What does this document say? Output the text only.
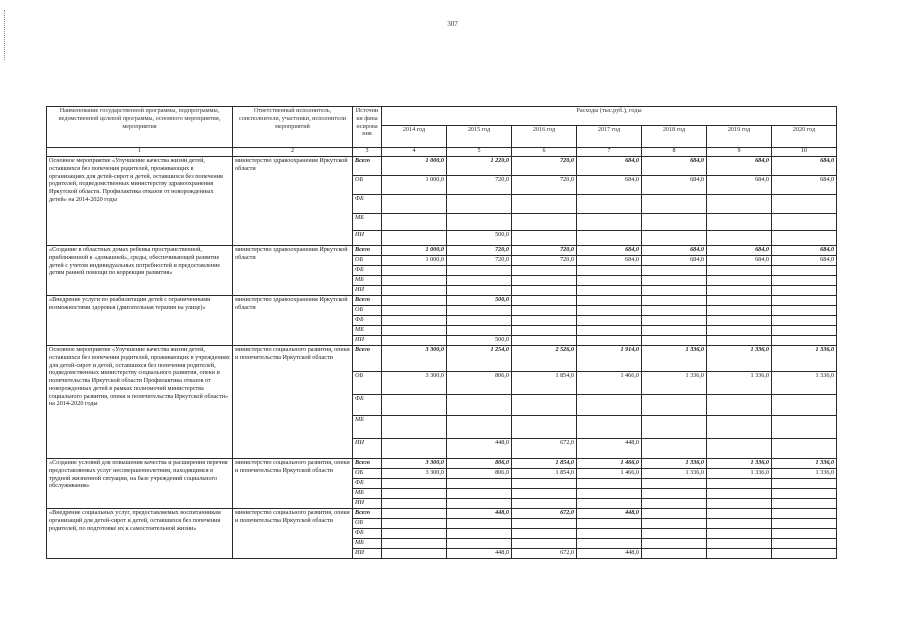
307
Наименование государственной программы, подпрограммы, ведомственной целевой программы, основного мероприятия, мероприятия	Ответственный исполнитель, соисполнители, участники, исполнители мероприятий	Источники финансирования	Расходы (тыс.руб.), годы						
			2014 год	2015 год	2016 год	2017 год	2018 год	2019 год	2020 год
1	2	3	4	5	6	7	8	9	10
Основное мероприятие «Улучшение качества жизни детей, оставшихся без попечения родителей, проживающих в организациях для детей-сирот и детей, оставшихся без попечения родителей, подведомственных министерству здравоохранения Иркутской области. Профилактика отказов от новорожденных детей» на 2014-2020 годы	министерство здравоохранения Иркутской области	Всего	1 000,0	1 220,0	720,0	684,0	684,0	684,0	684,0
		ОБ	1 000,0	720,0	720,0	684,0	684,0	684,0	684,0
		ФБ							
		МБ							
		ИИ		500,0					
«Создание в областных домах ребенка пространственной, приближенной к «домашней», среды, обеспечивающей развитие детей с учетом индивидуальных потребностей и предоставление детям ранней помощи по коррекции развития»	министерство здравоохранения Иркутской области	Всего	1 000,0	720,0	720,0	684,0	684,0	684,0	684,0
		ОБ	1 000,0	720,0	720,0	684,0	684,0	684,0	684,0
		ФБ							
		МБ							
		ИИ							
«Внедрение услуги по реабилитации детей с ограниченными возможностями здоровья (двигательная терапия на улице)»	министерство здравоохранения Иркутской области	Всего		500,0					
		ОБ							
		ФБ							
		МБ							
		ИИ		500,0					
Основное мероприятие «Улучшение качества жизни детей, оставшихся без попечения родителей, проживающих в учреждениях для детей-сирот и детей, оставшихся без попечения родителей, подведомственных министерству социального развития, опеки и попечительства Иркутской области Профилактика отказов от новорожденных детей в рамках полномочий министерства социального развития, опеки и попечительства Иркутской области» на 2014-2020 годы	министерство социального развития, опеки и попечительства Иркутской области	Всего	3 300,0	1 254,0	2 526,0	1 914,0	1 336,0	1 336,0	1 336,0
		ОБ	3 300,0	806,0	1 854,0	1 466,0	1 336,0	1 336,0	1 336,0
		ФБ							
		МБ							
		ИИ		448,0	672,0	448,0			
«Создание условий для повышения качества и расширения перечня предоставляемых услуг несовершеннолетним, находящимся в трудной жизненной ситуации, на базе учреждений социального обслуживания»	министерство социального развития, опеки и попечительства Иркутской области	Всего	3 300,0	806,0	1 854,0	1 466,0	1 336,0	1 336,0	1 336,0
		ОБ	3 300,0	806,0	1 854,0	1 466,0	1 336,0	1 336,0	1 336,0
		ФБ							
		МБ							
		ИИ							
«Внедрение социальных услуг, предоставляемых воспитанникам организаций для детей-сирот и детей, оставшихся без попечения родителей, по подготовке их к самостоятельной жизни»	министерство социального развития, опеки и попечительства Иркутской области	Всего		448,0	672,0	448,0			
		ОБ							
		ФБ							
		МБ							
		ИИ		448,0	672,0	448,0			
